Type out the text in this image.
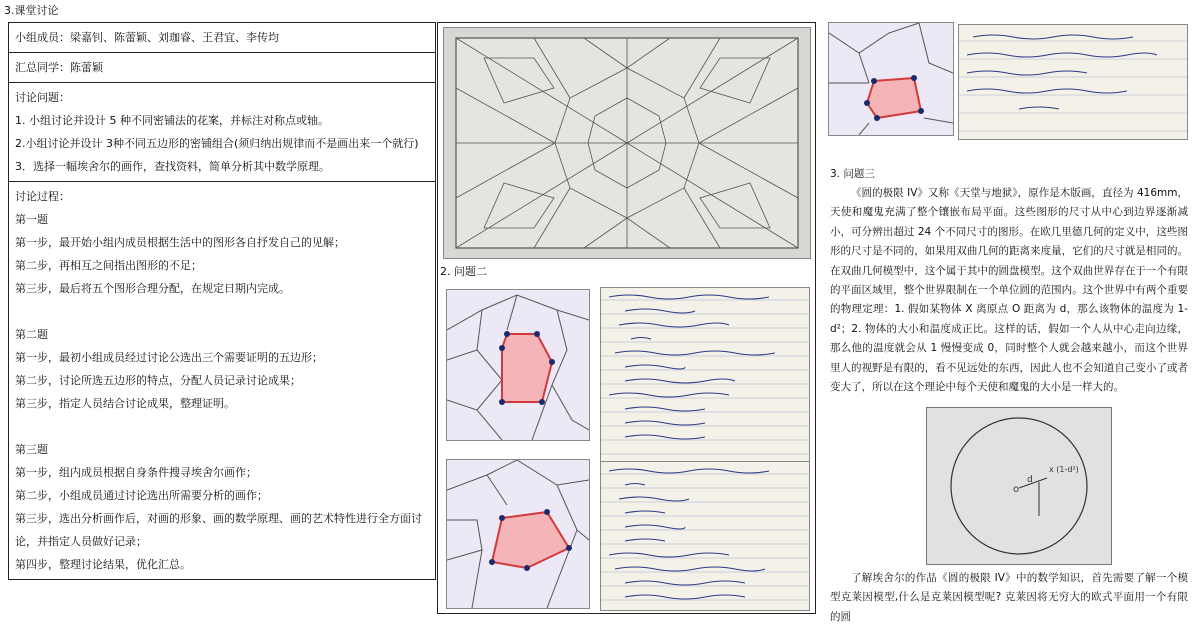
3.课堂讨论
小组成员：梁嘉钊、陈蕾颖、刘珈睿、王君宜、李传均
汇总同学：陈蕾颖
讨论问题：
1. 小组讨论并设计 5 种不同密铺法的花案，并标注对称点或轴。
2.小组讨论并设计 3种不同五边形的密铺组合(须归纳出规律而不是画出来一个就行)
3．选择一幅埃舍尔的画作，查找资料，简单分析其中数学原理。
讨论过程：
第一题
第一步，最开始小组内成员根据生活中的图形各自抒发自己的见解；
第二步，再相互之间指出图形的不足；
第三步，最后将五个图形合理分配，在规定日期内完成。
第二题
第一步，最初小组成员经过讨论公选出三个需要证明的五边形；
第二步，讨论所选五边形的特点，分配人员记录讨论成果；
第三步，指定人员结合讨论成果，整理证明。
第三题
第一步，组内成员根据自身条件搜寻埃舍尔画作；
第二步，小组成员通过讨论选出所需要分析的画作；
第三步，选出分析画作后，对画的形象、画的数学原理、画的艺术特性进行全方面讨论，并指定人员做好记录；
第四步，整理讨论结果，优化汇总。
2. 问题二
3. 问题三
《圆的极限 IV》又称《天堂与地狱》，原作是木版画，直径为 416mm，天使和魔鬼充满了整个镶嵌布局平面。这些图形的尺寸从中心到边界逐渐减小，可分辨出超过 24 个不同尺寸的图形。在欧几里德几何的定义中，这些图形的尺寸是不同的，如果用双曲几何的距离来度量，它们的尺寸就是相同的。在双曲几何模型中，这个属于其中的圆盘模型。这个双曲世界存在于一个有限的平面区域里，整个世界限制在一个单位圆的范围内。这个世界中有两个重要的物理定理：1. 假如某物体 X 离原点 O 距离为 d，那么该物体的温度为 1-d²；2. 物体的大小和温度成正比。这样的话，假如一个人从中心走向边缘，那么他的温度就会从 1 慢慢变成 0，同时整个人就会越来越小，而这个世界里人的视野是有限的，看不见远处的东西，因此人也不会知道自己变小了或者变大了，所以在这个理论中每个天使和魔鬼的大小是一样大的。
o
d
x (1-d²)
了解埃舍尔的作品《圆的极限 IV》中的数学知识，首先需要了解一个模型克莱因模型,什么是克莱因模型呢? 克莱因将无穷大的欧式平面用一个有限的圆
